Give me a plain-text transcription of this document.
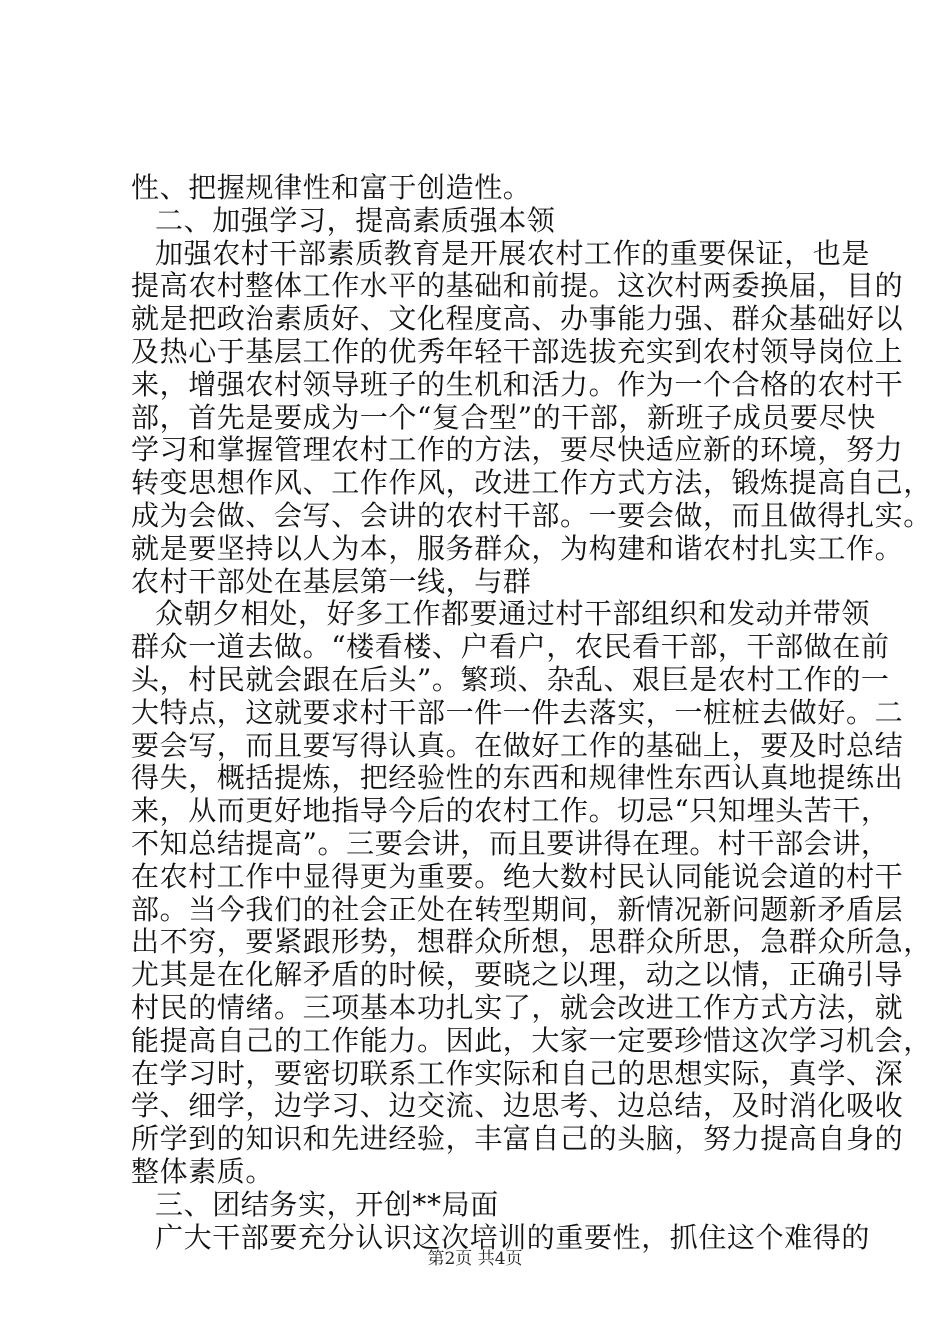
性、把握规律性和富于创造性。
二、加强学习，提高素质强本领
加强农村干部素质教育是开展农村工作的重要保证，也是
提高农村整体工作水平的基础和前提。这次村两委换届，目的
就是把政治素质好、文化程度高、办事能力强、群众基础好以
及热心于基层工作的优秀年轻干部选拔充实到农村领导岗位上
来，增强农村领导班子的生机和活力。作为一个合格的农村干
部，首先是要成为一个“复合型”的干部，新班子成员要尽快
学习和掌握管理农村工作的方法，要尽快适应新的环境，努力
转变思想作风、工作作风，改进工作方式方法，锻炼提高自己，
成为会做、会写、会讲的农村干部。一要会做，而且做得扎实。
就是要坚持以人为本，服务群众，为构建和谐农村扎实工作。
农村干部处在基层第一线，与群
众朝夕相处，好多工作都要通过村干部组织和发动并带领
群众一道去做。“楼看楼、户看户，农民看干部，干部做在前
头，村民就会跟在后头”。繁琐、杂乱、艰巨是农村工作的一
大特点，这就要求村干部一件一件去落实，一桩桩去做好。二
要会写，而且要写得认真。在做好工作的基础上，要及时总结
得失，概括提炼，把经验性的东西和规律性东西认真地提练出
来，从而更好地指导今后的农村工作。切忌“只知埋头苦干，
不知总结提高”。三要会讲，而且要讲得在理。村干部会讲，
在农村工作中显得更为重要。绝大数村民认同能说会道的村干
部。当今我们的社会正处在转型期间，新情况新问题新矛盾层
出不穷，要紧跟形势，想群众所想，思群众所思，急群众所急，
尤其是在化解矛盾的时候，要晓之以理，动之以情，正确引导
村民的情绪。三项基本功扎实了，就会改进工作方式方法，就
能提高自己的工作能力。因此，大家一定要珍惜这次学习机会，
在学习时，要密切联系工作实际和自己的思想实际，真学、深
学、细学，边学习、边交流、边思考、边总结，及时消化吸收
所学到的知识和先进经验，丰富自己的头脑，努力提高自身的
整体素质。
三、团结务实，开创**局面
广大干部要充分认识这次培训的重要性，抓住这个难得的
第2页 共4页
